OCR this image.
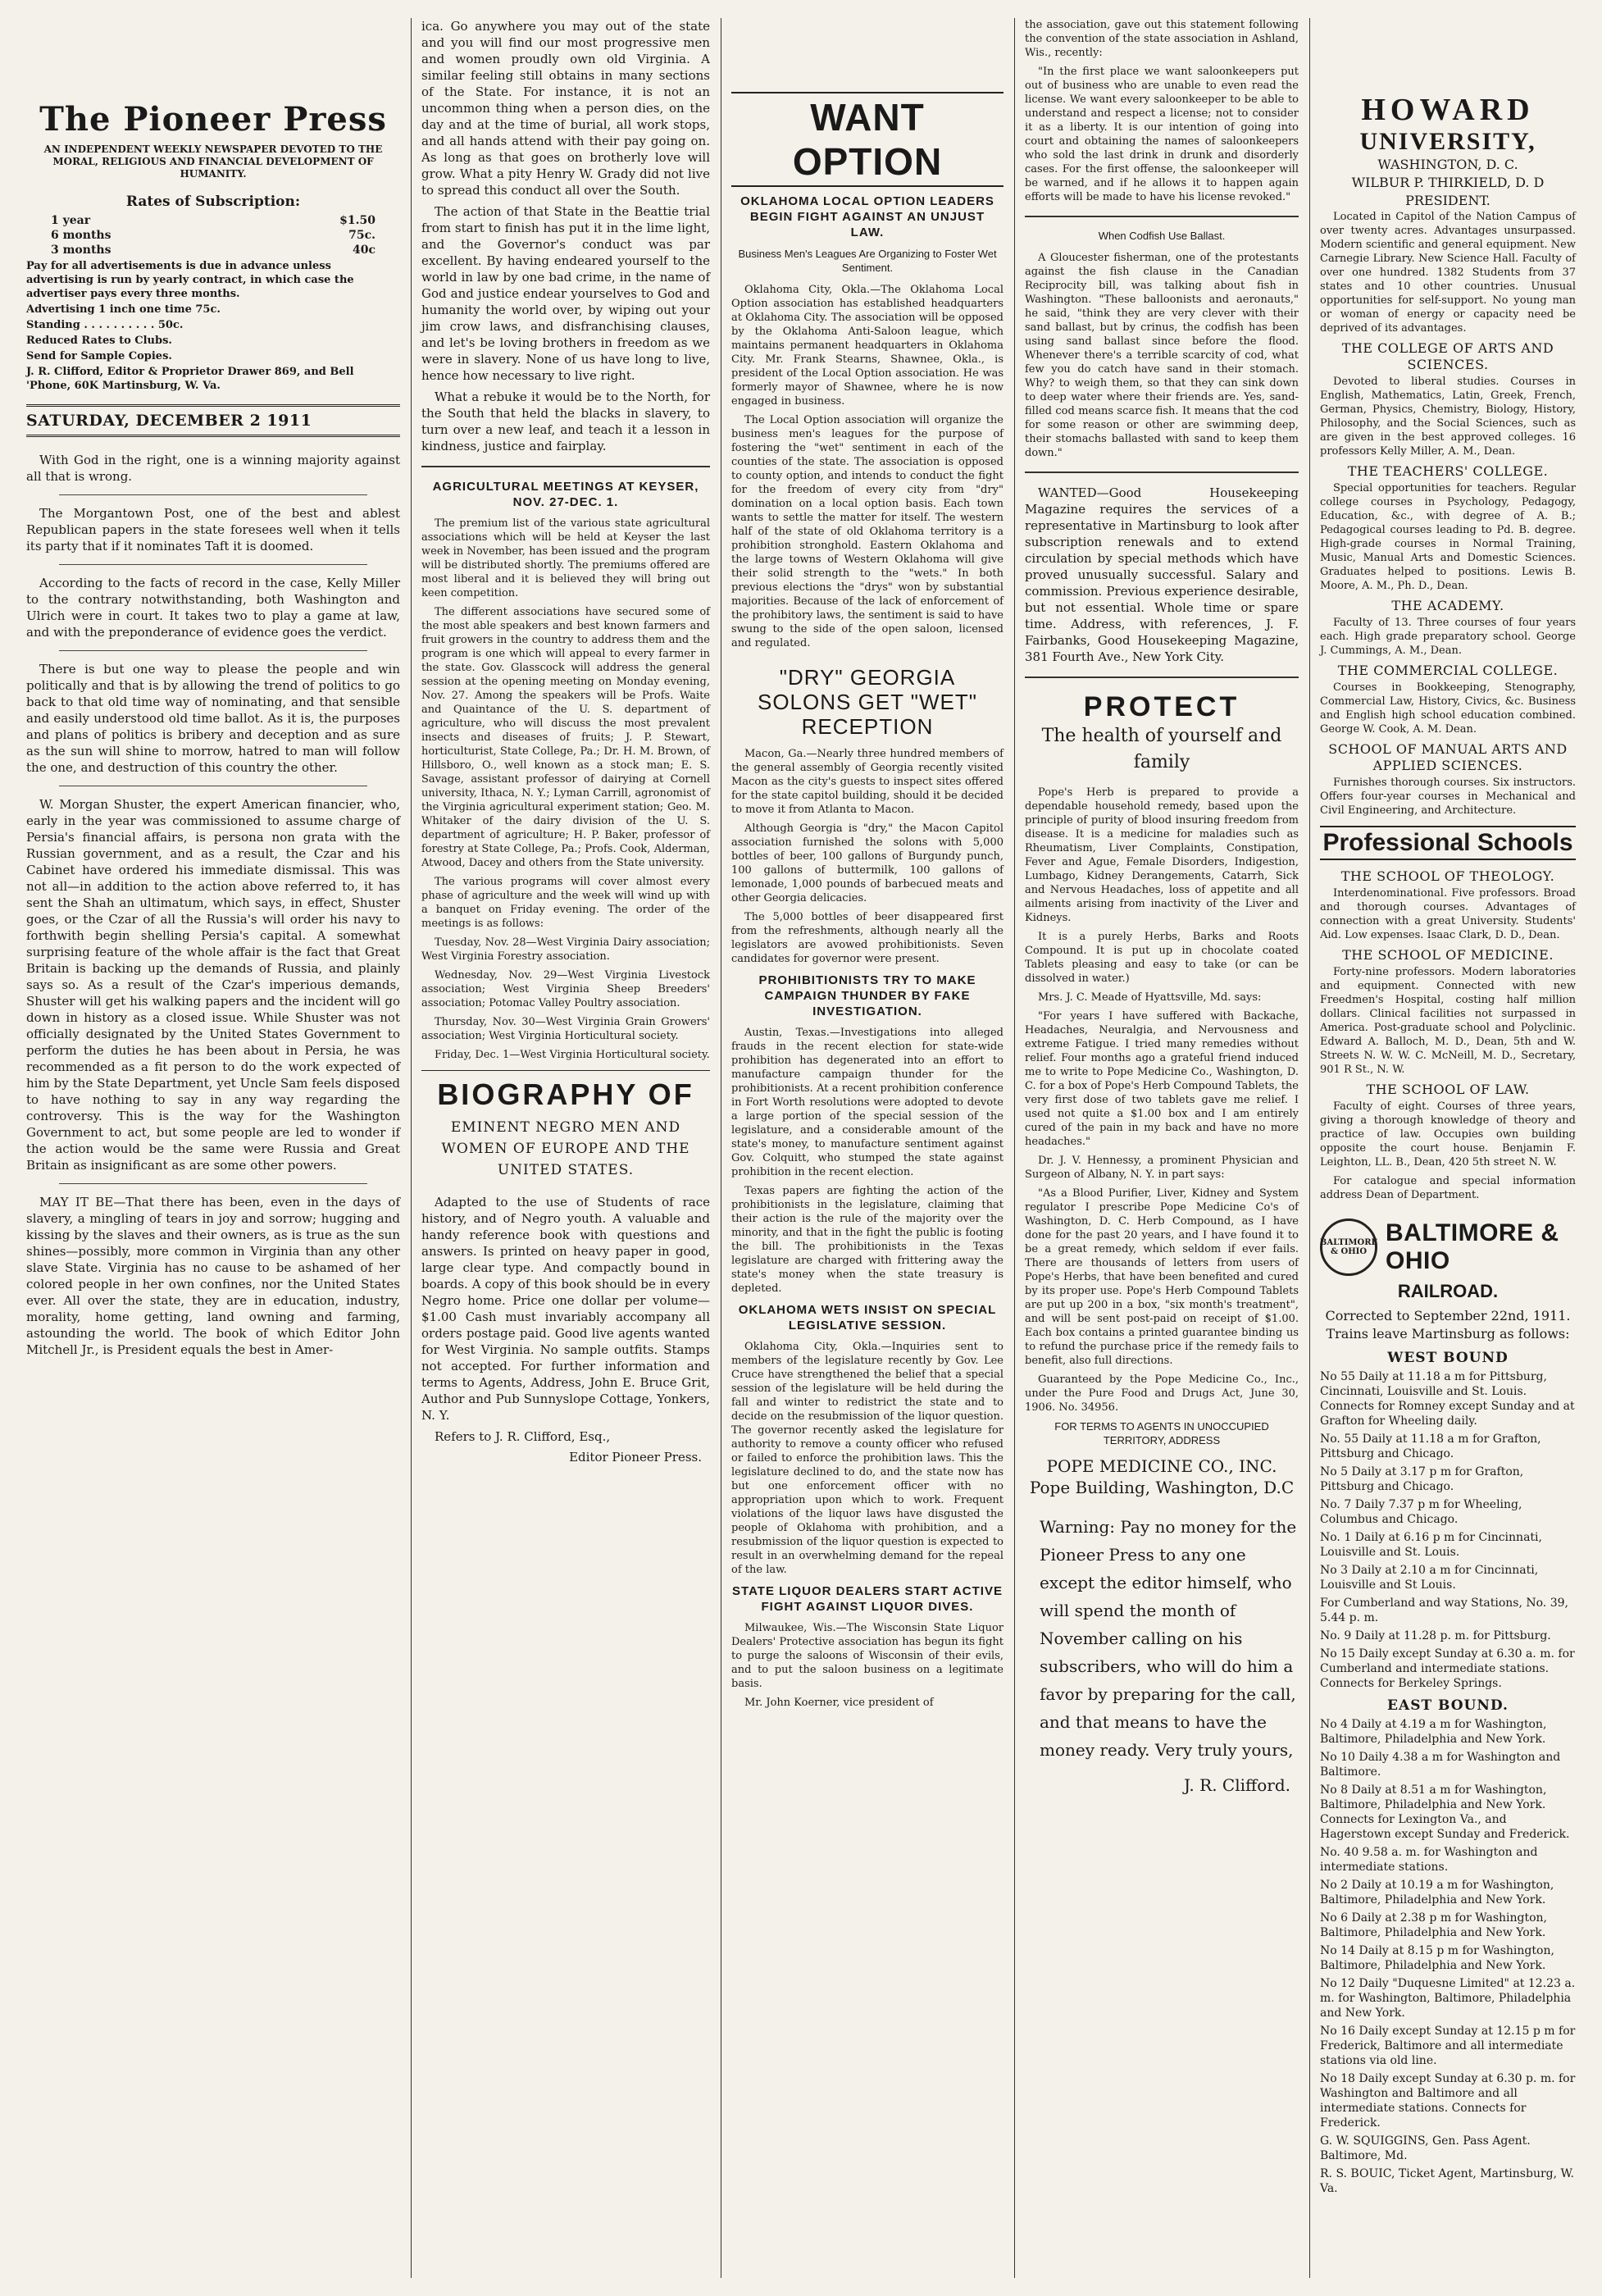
The Pioneer Press
AN INDEPENDENT WEEKLY NEWSPAPER DEVOTED TO THE MORAL, RELIGIOUS AND FINANCIAL DEVELOPMENT OF HUMANITY.
Rates of Subscription:
1 year	$1.50
6 months	75c.
3 months	40c
Pay for all advertisements is due in advance unless advertising is run by yearly contract, in which case the advertiser pays every three months.
Advertising 1 inch one time 75c.
Standing . . . . . . . . . . 50c.
Reduced Rates to Clubs.
Send for Sample Copies.
J. R. Clifford, Editor & Proprietor Drawer 869, and Bell 'Phone, 60K Martinsburg, W. Va.
SATURDAY, DECEMBER 2 1911

With God in the right, one is a winning majority against all that is wrong.

The Morgantown Post, one of the best and ablest Republican papers in the state foresees well when it tells its party that if it nominates Taft it is doomed.

According to the facts of record in the case, Kelly Miller to the contrary notwithstanding, both Washington and Ulrich were in court. It takes two to play a game at law, and with the preponderance of evidence goes the verdict.

There is but one way to please the people and win politically and that is by allowing the trend of politics to go back to that old time way of nominating, and that sensible and easily understood old time ballot. As it is, the purposes and plans of politics is bribery and deception and as sure as the sun will shine to morrow, hatred to man will follow the one, and destruction of this country the other.

W. Morgan Shuster, the expert American financier, who, early in the year was commissioned to assume charge of Persia's financial affairs, is persona non grata with the Russian government, and as a result, the Czar and his Cabinet have ordered his immediate dismissal. This was not all—in addition to the action above referred to, it has sent the Shah an ultimatum, which says, in effect, Shuster goes, or the Czar of all the Russia's will order his navy to forthwith begin shelling Persia's capital. A somewhat surprising feature of the whole affair is the fact that Great Britain is backing up the demands of Russia, and plainly says so. As a result of the Czar's imperious demands, Shuster will get his walking papers and the incident will go down in history as a closed issue. While Shuster was not officially designated by the United States Government to perform the duties he has been about in Persia, he was recommended as a fit person to do the work expected of him by the State Department, yet Uncle Sam feels disposed to have nothing to say in any way regarding the controversy. This is the way for the Washington Government to act, but some people are led to wonder if the action would be the same were Russia and Great Britain as insignificant as are some other powers.

MAY IT BE—That there has been, even in the days of slavery, a mingling of tears in joy and sorrow; hugging and kissing by the slaves and their owners, as is true as the sun shines—possibly, more common in Virginia than any other slave State. Virginia has no cause to be ashamed of her colored people in her own confines, nor the United States ever. All over the state, they are in education, industry, morality, home getting, land owning and farming, astounding the world. The book of which Editor John Mitchell Jr., is President equals the best in Amer-

ica. Go anywhere you may out of the state and you will find our most progressive men and women proudly own old Virginia. A similar feeling still obtains in many sections of the State. For instance, it is not an uncommon thing when a person dies, on the day and at the time of burial, all work stops, and all hands attend with their pay going on. As long as that goes on brotherly love will grow. What a pity Henry W. Grady did not live to spread this conduct all over the South.

The action of that State in the Beattie trial from start to finish has put it in the lime light, and the Governor's conduct was par excellent. By having endeared yourself to the world in law by one bad crime, in the name of God and justice endear yourselves to God and humanity the world over, by wiping out your jim crow laws, and disfranchising clauses, and let's be loving brothers in freedom as we were in slavery. None of us have long to live, hence how necessary to live right.

What a rebuke it would be to the North, for the South that held the blacks in slavery, to turn over a new leaf, and teach it a lesson in kindness, justice and fairplay.

AGRICULTURAL MEETINGS AT KEYSER, NOV. 27-DEC. 1.

The premium list of the various state agricultural associations which will be held at Keyser the last week in November, has been issued and the program will be distributed shortly. The premiums offered are most liberal and it is believed they will bring out keen competition.

The different associations have secured some of the most able speakers and best known farmers and fruit growers in the country to address them and the program is one which will appeal to every farmer in the state. Gov. Glasscock will address the general session at the opening meeting on Monday evening, Nov. 27. Among the speakers will be Profs. Waite and Quaintance of the U. S. department of agriculture, who will discuss the most prevalent insects and diseases of fruits; J. P. Stewart, horticulturist, State College, Pa.; Dr. H. M. Brown, of Hillsboro, O., well known as a stock man; E. S. Savage, assistant professor of dairying at Cornell university, Ithaca, N. Y.; Lyman Carrill, agronomist of the Virginia agricultural experiment station; Geo. M. Whitaker of the dairy division of the U. S. department of agriculture; H. P. Baker, professor of forestry at State College, Pa.; Profs. Cook, Alderman, Atwood, Dacey and others from the State university.

The various programs will cover almost every phase of agriculture and the week will wind up with a banquet on Friday evening. The order of the meetings is as follows:

Tuesday, Nov. 28—West Virginia Dairy association; West Virginia Forestry association.

Wednesday, Nov. 29—West Virginia Livestock association; West Virginia Sheep Breeders' association; Potomac Valley Poultry association.

Thursday, Nov. 30—West Virginia Grain Growers' association; West Virginia Horticultural society.

Friday, Dec. 1—West Virginia Horticultural society.

BIOGRAPHY OF
EMINENT NEGRO MEN AND WOMEN OF EUROPE AND THE UNITED STATES.

Adapted to the use of Students of race history, and of Negro youth. A valuable and handy reference book with questions and answers. Is printed on heavy paper in good, large clear type. And compactly bound in boards. A copy of this book should be in every Negro home. Price one dollar per volume—$1.00 Cash must invariably accompany all orders postage paid. Good live agents wanted for West Virginia. No sample outfits. Stamps not accepted. For further information and terms to Agents, Address, John E. Bruce Grit, Author and Pub Sunnyslope Cottage, Yonkers, N. Y.

Refers to J. R. Clifford, Esq.,

Editor Pioneer Press.
WANT OPTION
OKLAHOMA LOCAL OPTION LEADERS BEGIN FIGHT AGAINST AN UNJUST LAW.
Business Men's Leagues Are Organizing to Foster Wet Sentiment.

Oklahoma City, Okla.—The Oklahoma Local Option association has established headquarters at Oklahoma City. The association will be opposed by the Oklahoma Anti-Saloon league, which maintains permanent headquarters in Oklahoma City. Mr. Frank Stearns, Shawnee, Okla., is president of the Local Option association. He was formerly mayor of Shawnee, where he is now engaged in business.

The Local Option association will organize the business men's leagues for the purpose of fostering the "wet" sentiment in each of the counties of the state. The association is opposed to county option, and intends to conduct the fight for the freedom of every city from "dry" domination on a local option basis. Each town wants to settle the matter for itself. The western half of the state of old Oklahoma territory is a prohibition stronghold. Eastern Oklahoma and the large towns of Western Oklahoma will give their solid strength to the "wets." In both previous elections the "drys" won by substantial majorities. Because of the lack of enforcement of the prohibitory laws, the sentiment is said to have swung to the side of the open saloon, licensed and regulated.

"DRY" GEORGIA SOLONS GET "WET" RECEPTION

Macon, Ga.—Nearly three hundred members of the general assembly of Georgia recently visited Macon as the city's guests to inspect sites offered for the state capitol building, should it be decided to move it from Atlanta to Macon.

Although Georgia is "dry," the Macon Capitol association furnished the solons with 5,000 bottles of beer, 100 gallons of Burgundy punch, 100 gallons of buttermilk, 100 gallons of lemonade, 1,000 pounds of barbecued meats and other Georgia delicacies.

The 5,000 bottles of beer disappeared first from the refreshments, although nearly all the legislators are avowed prohibitionists. Seven candidates for governor were present.

PROHIBITIONISTS TRY TO MAKE CAMPAIGN THUNDER BY FAKE INVESTIGATION.

Austin, Texas.—Investigations into alleged frauds in the recent election for state-wide prohibition has degenerated into an effort to manufacture campaign thunder for the prohibitionists. At a recent prohibition conference in Fort Worth resolutions were adopted to devote a large portion of the special session of the legislature, and a considerable amount of the state's money, to manufacture sentiment against Gov. Colquitt, who stumped the state against prohibition in the recent election.

Texas papers are fighting the action of the prohibitionists in the legislature, claiming that their action is the rule of the majority over the minority, and that in the fight the public is footing the bill. The prohibitionists in the Texas legislature are charged with frittering away the state's money when the state treasury is depleted.

OKLAHOMA WETS INSIST ON SPECIAL LEGISLATIVE SESSION.

Oklahoma City, Okla.—Inquiries sent to members of the legislature recently by Gov. Lee Cruce have strengthened the belief that a special session of the legislature will be held during the fall and winter to redistrict the state and to decide on the resubmission of the liquor question. The governor recently asked the legislature for authority to remove a county officer who refused or failed to enforce the prohibition laws. This the legislature declined to do, and the state now has but one enforcement officer with no appropriation upon which to work. Frequent violations of the liquor laws have disgusted the people of Oklahoma with prohibition, and a resubmission of the liquor question is expected to result in an overwhelming demand for the repeal of the law.

STATE LIQUOR DEALERS START ACTIVE FIGHT AGAINST LIQUOR DIVES.

Milwaukee, Wis.—The Wisconsin State Liquor Dealers' Protective association has begun its fight to purge the saloons of Wisconsin of their evils, and to put the saloon business on a legitimate basis.

Mr. John Koerner, vice president of

the association, gave out this statement following the convention of the state association in Ashland, Wis., recently:

"In the first place we want saloonkeepers put out of business who are unable to even read the license. We want every saloonkeeper to be able to understand and respect a license; not to consider it as a liberty. It is our intention of going into court and obtaining the names of saloonkeepers who sold the last drink in drunk and disorderly cases. For the first offense, the saloonkeeper will be warned, and if he allows it to happen again efforts will be made to have his license revoked."

When Codfish Use Ballast.

A Gloucester fisherman, one of the protestants against the fish clause in the Canadian Reciprocity bill, was talking about fish in Washington. "These balloonists and aeronauts," he said, "think they are very clever with their sand ballast, but by crinus, the codfish has been using sand ballast since before the flood. Whenever there's a terrible scarcity of cod, what few you do catch have sand in their stomach. Why? to weigh them, so that they can sink down to deep water where their friends are. Yes, sand-filled cod means scarce fish. It means that the cod for some reason or other are swimming deep, their stomachs ballasted with sand to keep them down."

WANTED—Good Housekeeping Magazine requires the services of a representative in Martinsburg to look after subscription renewals and to extend circulation by special methods which have proved unusually successful. Salary and commission. Previous experience desirable, but not essential. Whole time or spare time. Address, with references, J. F. Fairbanks, Good Housekeeping Magazine, 381 Fourth Ave., New York City.

PROTECT
The health of yourself and family

Pope's Herb is prepared to provide a dependable household remedy, based upon the principle of purity of blood insuring freedom from disease. It is a medicine for maladies such as Rheumatism, Liver Complaints, Constipation, Fever and Ague, Female Disorders, Indigestion, Lumbago, Kidney Derangements, Catarrh, Sick and Nervous Headaches, loss of appetite and all ailments arising from inactivity of the Liver and Kidneys.

It is a purely Herbs, Barks and Roots Compound. It is put up in chocolate coated Tablets pleasing and easy to take (or can be dissolved in water.)

Mrs. J. C. Meade of Hyattsville, Md. says:

"For years I have suffered with Backache, Headaches, Neuralgia, and Nervousness and extreme Fatigue. I tried many remedies without relief. Four months ago a grateful friend induced me to write to Pope Medicine Co., Washington, D. C. for a box of Pope's Herb Compound Tablets, the very first dose of two tablets gave me relief. I used not quite a $1.00 box and I am entirely cured of the pain in my back and have no more headaches."

Dr. J. V. Hennessy, a prominent Physician and Surgeon of Albany, N. Y. in part says:

"As a Blood Purifier, Liver, Kidney and System regulator I prescribe Pope Medicine Co's of Washington, D. C. Herb Compound, as I have done for the past 20 years, and I have found it to be a great remedy, which seldom if ever fails. There are thousands of letters from users of Pope's Herbs, that have been benefited and cured by its proper use. Pope's Herb Compound Tablets are put up 200 in a box, "six month's treatment", and will be sent post-paid on receipt of $1.00. Each box contains a printed guarantee binding us to refund the purchase price if the remedy fails to benefit, also full directions.

Guaranteed by the Pope Medicine Co., Inc., under the Pure Food and Drugs Act, June 30, 1906. No. 34956.

FOR TERMS TO AGENTS IN UNOCCUPIED TERRITORY, ADDRESS
POPE MEDICINE CO., INC.
Pope Building, Washington, D.C
Warning: Pay no money for the Pioneer Press to any one except the editor himself, who will spend the month of November calling on his subscribers, who will do him a favor by preparing for the call, and that means to have the money ready. Very truly yours,
J. R. Clifford.
HOWARD
UNIVERSITY,
WASHINGTON, D. C.
WILBUR P. THIRKIELD, D. D
PRESIDENT.

Located in Capitol of the Nation Campus of over twenty acres. Advantages unsurpassed. Modern scientific and general equipment. New Carnegie Library. New Science Hall. Faculty of over one hundred. 1382 Students from 37 states and 10 other countries. Unusual opportunities for self-support. No young man or woman of energy or capacity need be deprived of its advantages.

THE COLLEGE OF ARTS AND SCIENCES.

Devoted to liberal studies. Courses in English, Mathematics, Latin, Greek, French, German, Physics, Chemistry, Biology, History, Philosophy, and the Social Sciences, such as are given in the best approved colleges. 16 professors Kelly Miller, A. M., Dean.

THE TEACHERS' COLLEGE.

Special opportunities for teachers. Regular college courses in Psychology, Pedagogy, Education, &c., with degree of A. B.; Pedagogical courses leading to Pd. B. degree. High-grade courses in Normal Training, Music, Manual Arts and Domestic Sciences. Graduates helped to positions. Lewis B. Moore, A. M., Ph. D., Dean.

THE ACADEMY.

Faculty of 13. Three courses of four years each. High grade preparatory school. George J. Cummings, A. M., Dean.

THE COMMERCIAL COLLEGE.

Courses in Bookkeeping, Stenography, Commercial Law, History, Civics, &c. Business and English high school education combined. George W. Cook, A. M. Dean.

SCHOOL OF MANUAL ARTS AND APPLIED SCIENCES.

Furnishes thorough courses. Six instructors. Offers four-year courses in Mechanical and Civil Engineering, and Architecture.

Professional Schools
THE SCHOOL OF THEOLOGY.

Interdenominational. Five professors. Broad and thorough courses. Advantages of connection with a great University. Students' Aid. Low expenses. Isaac Clark, D. D., Dean.

THE SCHOOL OF MEDICINE.

Forty-nine professors. Modern laboratories and equipment. Connected with new Freedmen's Hospital, costing half million dollars. Clinical facilities not surpassed in America. Post-graduate school and Polyclinic. Edward A. Balloch, M. D., Dean, 5th and W. Streets N. W. W. C. McNeill, M. D., Secretary, 901 R St., N. W.

THE SCHOOL OF LAW.

Faculty of eight. Courses of three years, giving a thorough knowledge of theory and practice of law. Occupies own building opposite the court house. Benjamin F. Leighton, LL. B., Dean, 420 5th street N. W.

For catalogue and special information address Dean of Department.

BALTIMORE & OHIO
BALTIMORE & OHIO
RAILROAD.
Corrected to September 22nd, 1911.
Trains leave Martinsburg as follows:
WEST BOUND
No 55 Daily at 11.18 a m for Pittsburg, Cincinnati, Louisville and St. Louis. Connects for Romney except Sunday and at Grafton for Wheeling daily.
No. 55 Daily at 11.18 a m for Grafton, Pittsburg and Chicago.
No 5 Daily at 3.17 p m for Grafton, Pittsburg and Chicago.
No. 7 Daily 7.37 p m for Wheeling, Columbus and Chicago.
No. 1 Daily at 6.16 p m for Cincinnati, Louisville and St. Louis.
No 3 Daily at 2.10 a m for Cincinnati, Louisville and St Louis.
For Cumberland and way Stations, No. 39, 5.44 p. m.
No. 9 Daily at 11.28 p. m. for Pittsburg.
No 15 Daily except Sunday at 6.30 a. m. for Cumberland and intermediate stations. Connects for Berkeley Springs.
EAST BOUND.
No 4 Daily at 4.19 a m for Washington, Baltimore, Philadelphia and New York.
No 10 Daily 4.38 a m for Washington and Baltimore.
No 8 Daily at 8.51 a m for Washington, Baltimore, Philadelphia and New York. Connects for Lexington Va., and Hagerstown except Sunday and Frederick.
No. 40 9.58 a. m. for Washington and intermediate stations.
No 2 Daily at 10.19 a m for Washington, Baltimore, Philadelphia and New York.
No 6 Daily at 2.38 p m for Washington, Baltimore, Philadelphia and New York.
No 14 Daily at 8.15 p m for Washington, Baltimore, Philadelphia and New York.
No 12 Daily "Duquesne Limited" at 12.23 a. m. for Washington, Baltimore, Philadelphia and New York.
No 16 Daily except Sunday at 12.15 p m for Frederick, Baltimore and all intermediate stations via old line.
No 18 Daily except Sunday at 6.30 p. m. for Washington and Baltimore and all intermediate stations. Connects for Frederick.
G. W. SQUIGGINS, Gen. Pass Agent. Baltimore, Md.
R. S. BOUIC, Ticket Agent, Martinsburg, W. Va.
